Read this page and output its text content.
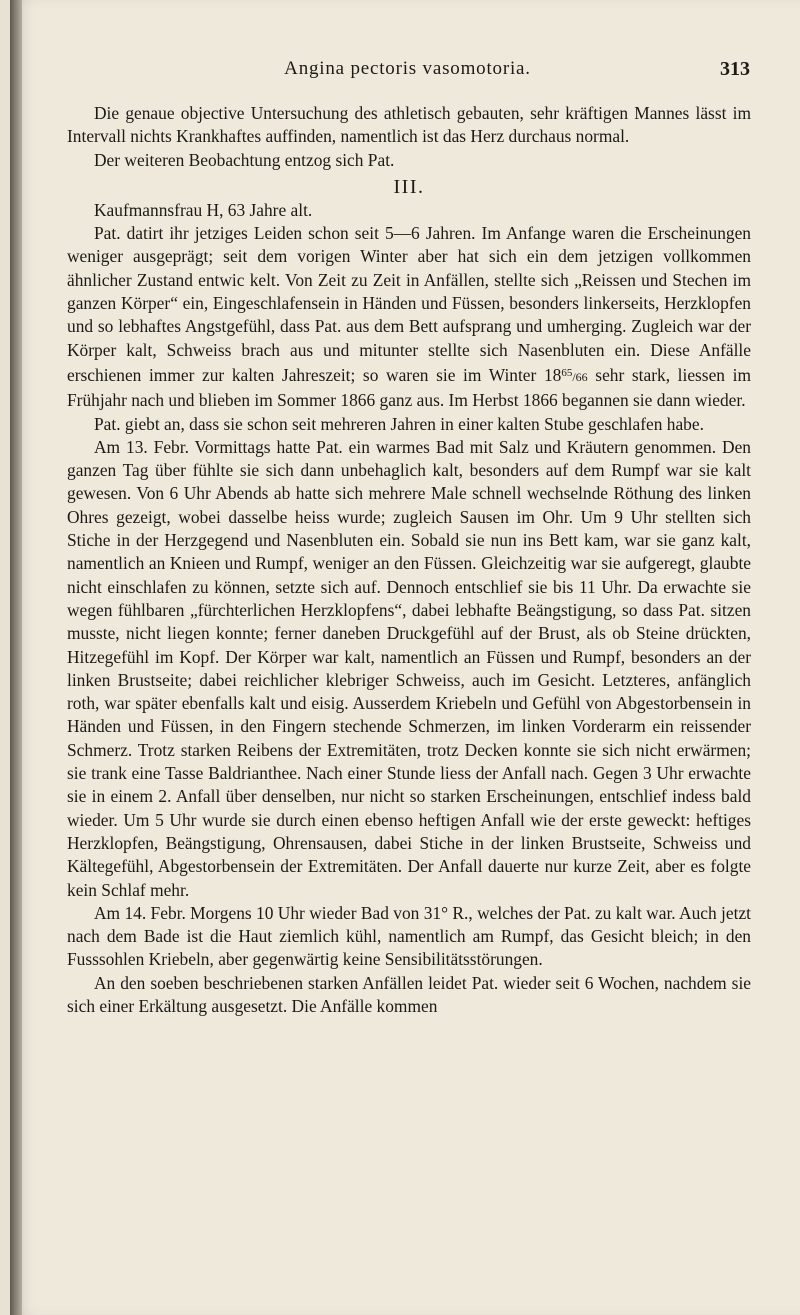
Angina pectoris vasomotoria.	313

Die genaue objective Untersuchung des athletisch gebauten, sehr kräftigen Mannes lässt im Intervall nichts Krankhaftes auffinden, namentlich ist das Herz durchaus normal.

Der weiteren Beobachtung entzog sich Pat.

III.

Kaufmannsfrau H, 63 Jahre alt.

Pat. datirt ihr jetziges Leiden schon seit 5—6 Jahren. Im Anfange waren die Erscheinungen weniger ausgeprägt; seit dem vorigen Winter aber hat sich ein dem jetzigen vollkommen ähnlicher Zustand entwic kelt. Von Zeit zu Zeit in Anfällen, stellte sich „Reissen und Stechen im ganzen Körper“ ein, Eingeschlafensein in Händen und Füssen, besonders linkerseits, Herzklopfen und so lebhaftes Angstgefühl, dass Pat. aus dem Bett aufsprang und umherging. Zugleich war der Körper kalt, Schweiss brach aus und mitunter stellte sich Nasenbluten ein. Diese Anfälle erschienen immer zur kalten Jahreszeit; so waren sie im Winter $18^{65}/66$ sehr stark, liessen im Frühjahr nach und blieben im Sommer 1866 ganz aus. Im Herbst 1866 begannen sie dann wieder.

Pat. giebt an, dass sie schon seit mehreren Jahren in einer kalten Stube geschlafen habe.

Am 13. Febr. Vormittags hatte Pat. ein warmes Bad mit Salz und Kräutern genommen. Den ganzen Tag über fühlte sie sich dann unbehaglich kalt, besonders auf dem Rumpf war sie kalt gewesen. Von 6 Uhr Abends ab hatte sich mehrere Male schnell wechselnde Röthung des linken Ohres gezeigt, wobei dasselbe heiss wurde; zugleich Sausen im Ohr. Um 9 Uhr stellten sich Stiche in der Herzgegend und Nasenbluten ein. Sobald sie nun ins Bett kam, war sie ganz kalt, namentlich an Knieen und Rumpf, weniger an den Füssen. Gleichzeitig war sie aufgeregt, glaubte nicht einschlafen zu können, setzte sich auf. Dennoch entschlief sie bis 11 Uhr. Da erwachte sie wegen fühlbaren „fürchterlichen Herzklopfens“, dabei lebhafte Beängstigung, so dass Pat. sitzen musste, nicht liegen konnte; ferner daneben Druckgefühl auf der Brust, als ob Steine drückten, Hitzegefühl im Kopf. Der Körper war kalt, namentlich an Füssen und Rumpf, besonders an der linken Brustseite; dabei reichlicher klebriger Schweiss, auch im Gesicht. Letzteres, anfänglich roth, war später ebenfalls kalt und eisig. Ausserdem Kriebeln und Gefühl von Abgestorbensein in Händen und Füssen, in den Fingern stechende Schmerzen, im linken Vorderarm ein reissender Schmerz. Trotz starken Reibens der Extremitäten, trotz Decken konnte sie sich nicht erwärmen; sie trank eine Tasse Baldrianthee. Nach einer Stunde liess der Anfall nach. Gegen 3 Uhr erwachte sie in einem 2. Anfall über denselben, nur nicht so starken Erscheinungen, entschlief indess bald wieder. Um 5 Uhr wurde sie durch einen ebenso heftigen Anfall wie der erste geweckt: heftiges Herzklopfen, Beängstigung, Ohrensausen, dabei Stiche in der linken Brustseite, Schweiss und Kältegefühl, Abgestorbensein der Extremitäten. Der Anfall dauerte nur kurze Zeit, aber es folgte kein Schlaf mehr.

Am 14. Febr. Morgens 10 Uhr wieder Bad von 31° R., welches der Pat. zu kalt war. Auch jetzt nach dem Bade ist die Haut ziemlich kühl, namentlich am Rumpf, das Gesicht bleich; in den Fusssohlen Kriebeln, aber gegenwärtig keine Sensibilitätsstörungen.

An den soeben beschriebenen starken Anfällen leidet Pat. wieder seit 6 Wochen, nachdem sie sich einer Erkältung ausgesetzt. Die Anfälle kommen
